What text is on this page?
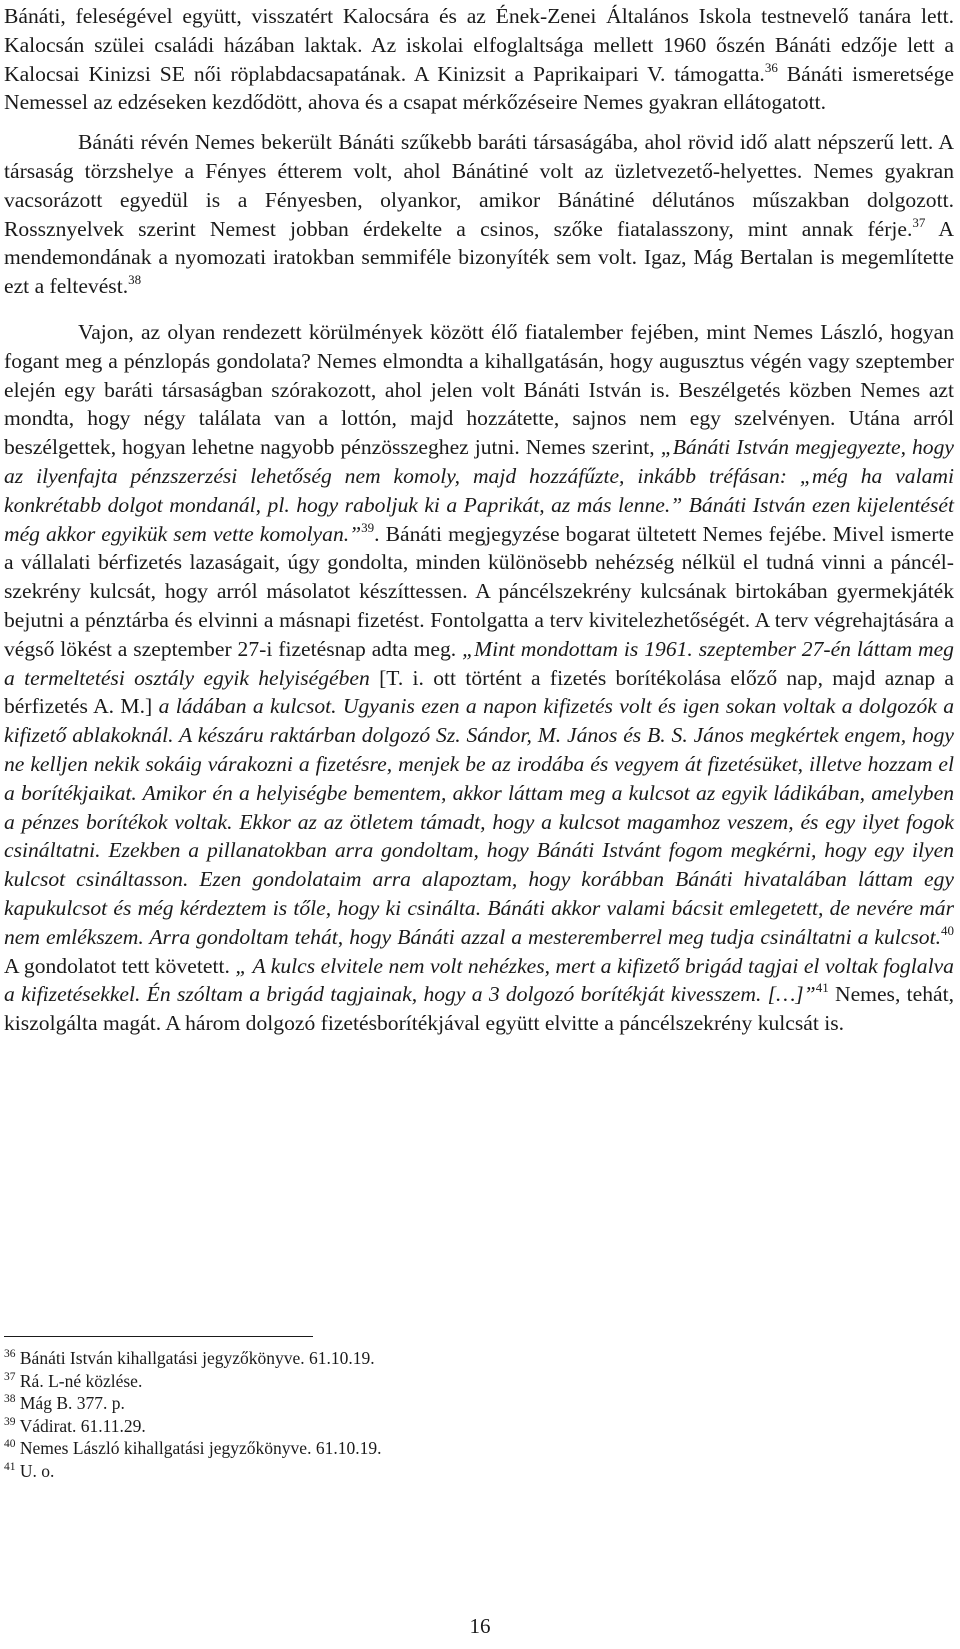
Bánáti, feleségével együtt, visszatért Kalocsára és az Ének-Zenei Általános Iskola testnevelő tanára lett. Kalocsán szülei családi házában laktak. Az iskolai elfoglaltsága mellett 1960 őszén Bánáti edzője lett a Kalocsai Kinizsi SE női röplabdacsapatának. A Kinizsit a Paprikaipari V. támogatta.$^{36}$ Bánáti ismeretsége Nemessel az edzéseken kezdődött, ahova és a csapat mérkőzéseire Nemes gyakran ellátogatott.

Bánáti révén Nemes bekerült Bánáti szűkebb baráti társaságába, ahol rövid idő alatt népszerű lett. A társaság törzshelye a Fényes étterem volt, ahol Bánátiné volt az üzletvezető-helyettes. Nemes gyakran vacsorázott egyedül is a Fényesben, olyankor, amikor Bánátiné délutános műszakban dolgozott. Rossznyelvek szerint Nemest jobban érdekelte a csinos, szőke fiatalasszony, mint annak férje.$^{37}$ A mendemondának a nyomozati iratokban semmiféle bizonyíték sem volt. Igaz, Mág Bertalan is megemlítette ezt a feltevést.$^{38}$

Vajon, az olyan rendezett körülmények között élő fiatalember fejében, mint Nemes László, hogyan fogant meg a pénzlopás gondolata? Nemes elmondta a kihallgatásán, hogy augusztus végén vagy szeptember elején egy baráti társaságban szórakozott, ahol jelen volt Bánáti István is. Beszélgetés közben Nemes azt mondta, hogy négy találata van a lottón, majd hozzátette, sajnos nem egy szelvényen. Utána arról beszélgettek, hogyan lehetne nagyobb pénzösszeghez jutni. Nemes szerint, „Bánáti István megjegyezte, hogy az ilyenfajta pénzszerzési lehetőség nem komoly, majd hozzáfűzte, inkább tréfásan: „még ha valami konkrétabb dolgot mondanál, pl. hogy raboljuk ki a Paprikát, az más lenne.” Bánáti István ezen kijelentését még akkor egyikük sem vette komolyan.”$^{39}$. Bánáti megjegyzése bogarat ültetett Nemes fejébe. Mivel ismerte a vállalati bérfizetés lazaságait, úgy gondolta, minden különösebb nehézség nélkül el tudná vinni a páncélszekrény kulcsát, hogy arról másolatot készíttessen. A páncélszekrény kulcsának birtokában gyermekjáték bejutni a pénztárba és elvinni a másnapi fizetést. Fontolgatta a terv kivitelezhetőségét. A terv végrehajtására a végső lökést a szeptember 27-i fizetésnap adta meg. „Mint mondottam is 1961. szeptember 27-én láttam meg a termeltetési osztály egyik helyiségében [T. i. ott történt a fizetés borítékolása előző nap, majd aznap a bérfizetés A. M.] a ládában a kulcsot. Ugyanis ezen a napon kifizetés volt és igen sokan voltak a dolgozók a kifizető ablakoknál. A készáru raktárban dolgozó Sz. Sándor, M. János és B. S. János megkértek engem, hogy ne kelljen nekik sokáig várakozni a fizetésre, menjek be az irodába és vegyem át fizetésüket, illetve hozzam el a borítékjaikat. Amikor én a helyiségbe bementem, akkor láttam meg a kulcsot az egyik ládikában, amelyben a pénzes borítékok voltak. Ekkor az az ötletem támadt, hogy a kulcsot magamhoz veszem, és egy ilyet fogok csináltatni. Ezekben a pillanatokban arra gondoltam, hogy Bánáti Istvánt fogom megkérni, hogy egy ilyen kulcsot csináltasson. Ezen gondolataim arra alapoztam, hogy korábban Bánáti hivatalában láttam egy kapukulcsot és még kérdeztem is tőle, hogy ki csinálta. Bánáti akkor valami bácsit emlegetett, de nevére már nem emlékszem. Arra gondoltam tehát, hogy Bánáti azzal a mesteremberrel meg tudja csináltatni a kulcsot.$^{40}$ A gondolatot tett követett. „ A kulcs elvitele nem volt nehézkes, mert a kifizető brigád tagjai el voltak foglalva a kifizetésekkel. Én szóltam a brigád tagjainak, hogy a 3 dolgozó borítékját kivesszem. […]”$^{41}$ Nemes, tehát, kiszolgálta magát. A három dolgozó fizetésborítékjával együtt elvitte a páncélszekrény kulcsát is.

$^{36}$ Bánáti István kihallgatási jegyzőkönyve. 61.10.19.
$^{37}$ Rá. L-né közlése.
$^{38}$ Mág B. 377. p.
$^{39}$ Vádirat. 61.11.29.
$^{40}$ Nemes László kihallgatási jegyzőkönyve. 61.10.19.
$^{41}$ U. o.
16
